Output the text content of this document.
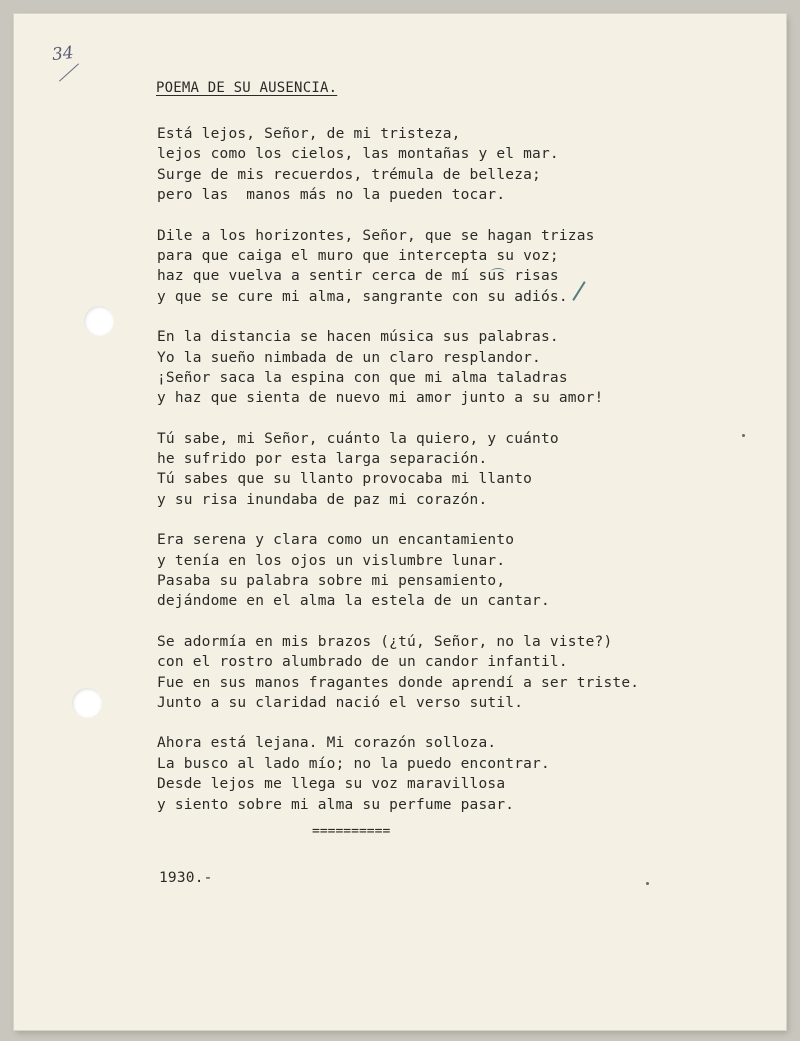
34
POEMA DE SU AUSENCIA.
Está lejos, Señor, de mi tristeza,
lejos como los cielos, las montañas y el mar.
Surge de mis recuerdos, trémula de belleza;
pero las  manos más no la pueden tocar.
Dile a los horizontes, Señor, que se hagan trizas
para que caiga el muro que intercepta su voz;
haz que vuelva a sentir cerca de mí sus risas
y que se cure mi alma, sangrante con su adiós.
En la distancia se hacen música sus palabras.
Yo la sueño nimbada de un claro resplandor.
¡Señor saca la espina con que mi alma taladras
y haz que sienta de nuevo mi amor junto a su amor!
Tú sabe, mi Señor, cuánto la quiero, y cuánto
he sufrido por esta larga separación.
Tú sabes que su llanto provocaba mi llanto
y su risa inundaba de paz mi corazón.
Era serena y clara como un encantamiento
y tenía en los ojos un vislumbre lunar.
Pasaba su palabra sobre mi pensamiento,
dejándome en el alma la estela de un cantar.
Se adormía en mis brazos (¿tú, Señor, no la viste?)
con el rostro alumbrado de un candor infantil.
Fue en sus manos fragantes donde aprendí a ser triste.
Junto a su claridad nació el verso sutil.
Ahora está lejana. Mi corazón solloza.
La busco al lado mío; no la puedo encontrar.
Desde lejos me llega su voz maravillosa
y siento sobre mi alma su perfume pasar.
==========
1930.-
